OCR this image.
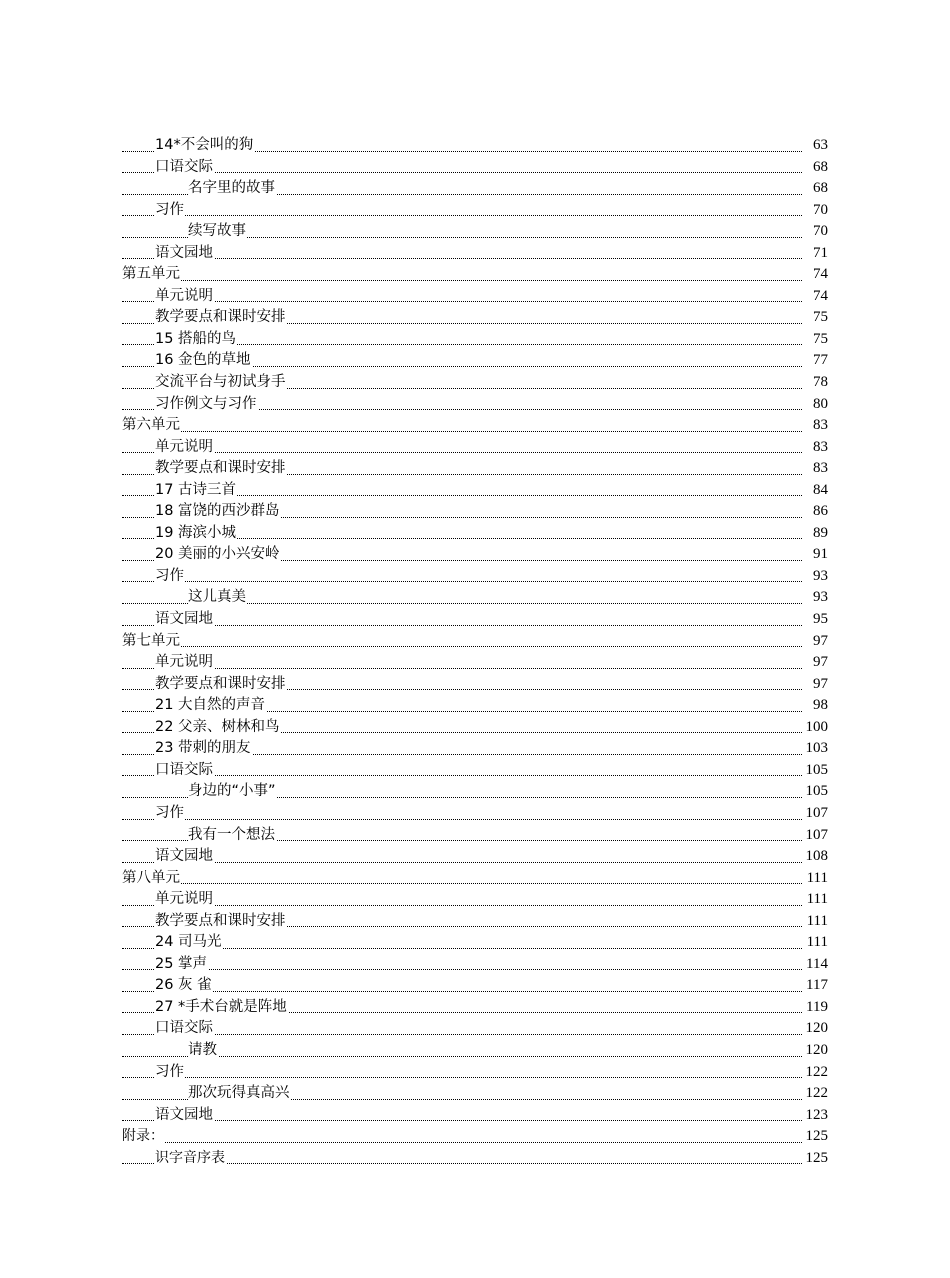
14*不会叫的狗	63
口语交际	68
名字里的故事	68
习作	70
续写故事	70
语文园地	71
第五单元	74
单元说明	74
教学要点和课时安排	75
15 搭船的鸟	75
16 金色的草地	77
交流平台与初试身手	78
习作例文与习作	80
第六单元	83
单元说明	83
教学要点和课时安排	83
17 古诗三首	84
18 富饶的西沙群岛	86
19 海滨小城	89
20 美丽的小兴安岭	91
习作	93
这儿真美	93
语文园地	95
第七单元	97
单元说明	97
教学要点和课时安排	97
21 大自然的声音	98
22 父亲、树林和鸟	100
23 带刺的朋友	103
口语交际	105
身边的“小事”	105
习作	107
我有一个想法	107
语文园地	108
第八单元	111
单元说明	111
教学要点和课时安排	111
24 司马光	111
25 掌声	114
26 灰 雀	117
27 *手术台就是阵地	119
口语交际	120
请教	120
习作	122
那次玩得真高兴	122
语文园地	123
附录：	125
识字音序表	125
